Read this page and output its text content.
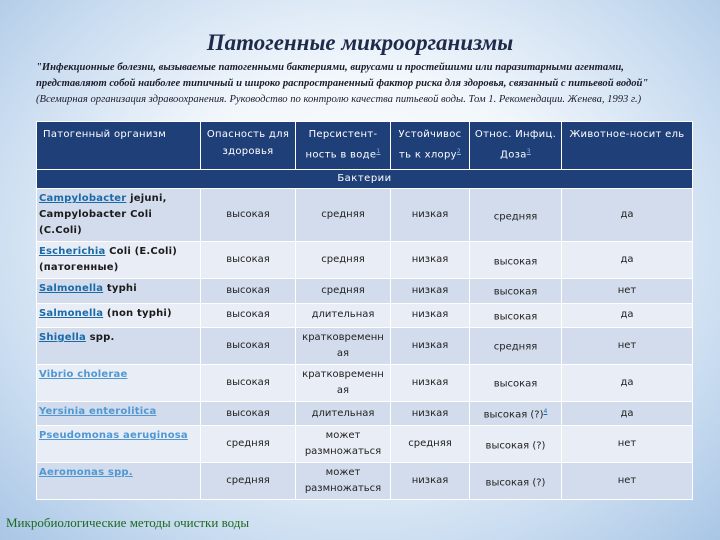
Патогенные микроорганизмы
"Инфекционные болезни, вызываемые патогенными бактериями, вирусами и простейшими или паразитарными агентами, представляют собой наиболее типичный и широко распространенный фактор риска для здоровья, связанный с питьевой водой" (Всемирная организация здравоохранения. Руководство по контролю качества питьевой воды. Том 1. Рекомендации. Женева, 1993 г.)
Патогенный организм	Опасность для здоровья	Персистент-ность в воде$^1$	Устойчивос ть к хлору$^2$	Относ. Инфиц. Доза$^3$	Животное-носит ель
Бактерии					
Campylobacter jejuni, Campylobacter Coli (C.Coli)	высокая	средняя	низкая	средняя	да
Escherichia Coli (E.Coli) (патогенные)	высокая	средняя	низкая	высокая	да
Salmonella typhi	высокая	средняя	низкая	высокая	нет
Salmonella (non typhi)	высокая	длительная	низкая	высокая	да
Shigella spp.	высокая	кратковременн ая	низкая	средняя	нет
Vibrio cholerae	высокая	кратковременн ая	низкая	высокая	да
Yersinia enterolitica	высокая	длительная	низкая	высокая (?)$^4$	да
Pseudomonas aeruginosa	средняя	может размножаться	средняя	высокая (?)	нет
Aeromonas spp.	средняя	может размножаться	низкая	высокая (?)	нет
Микробиологические методы очистки воды
